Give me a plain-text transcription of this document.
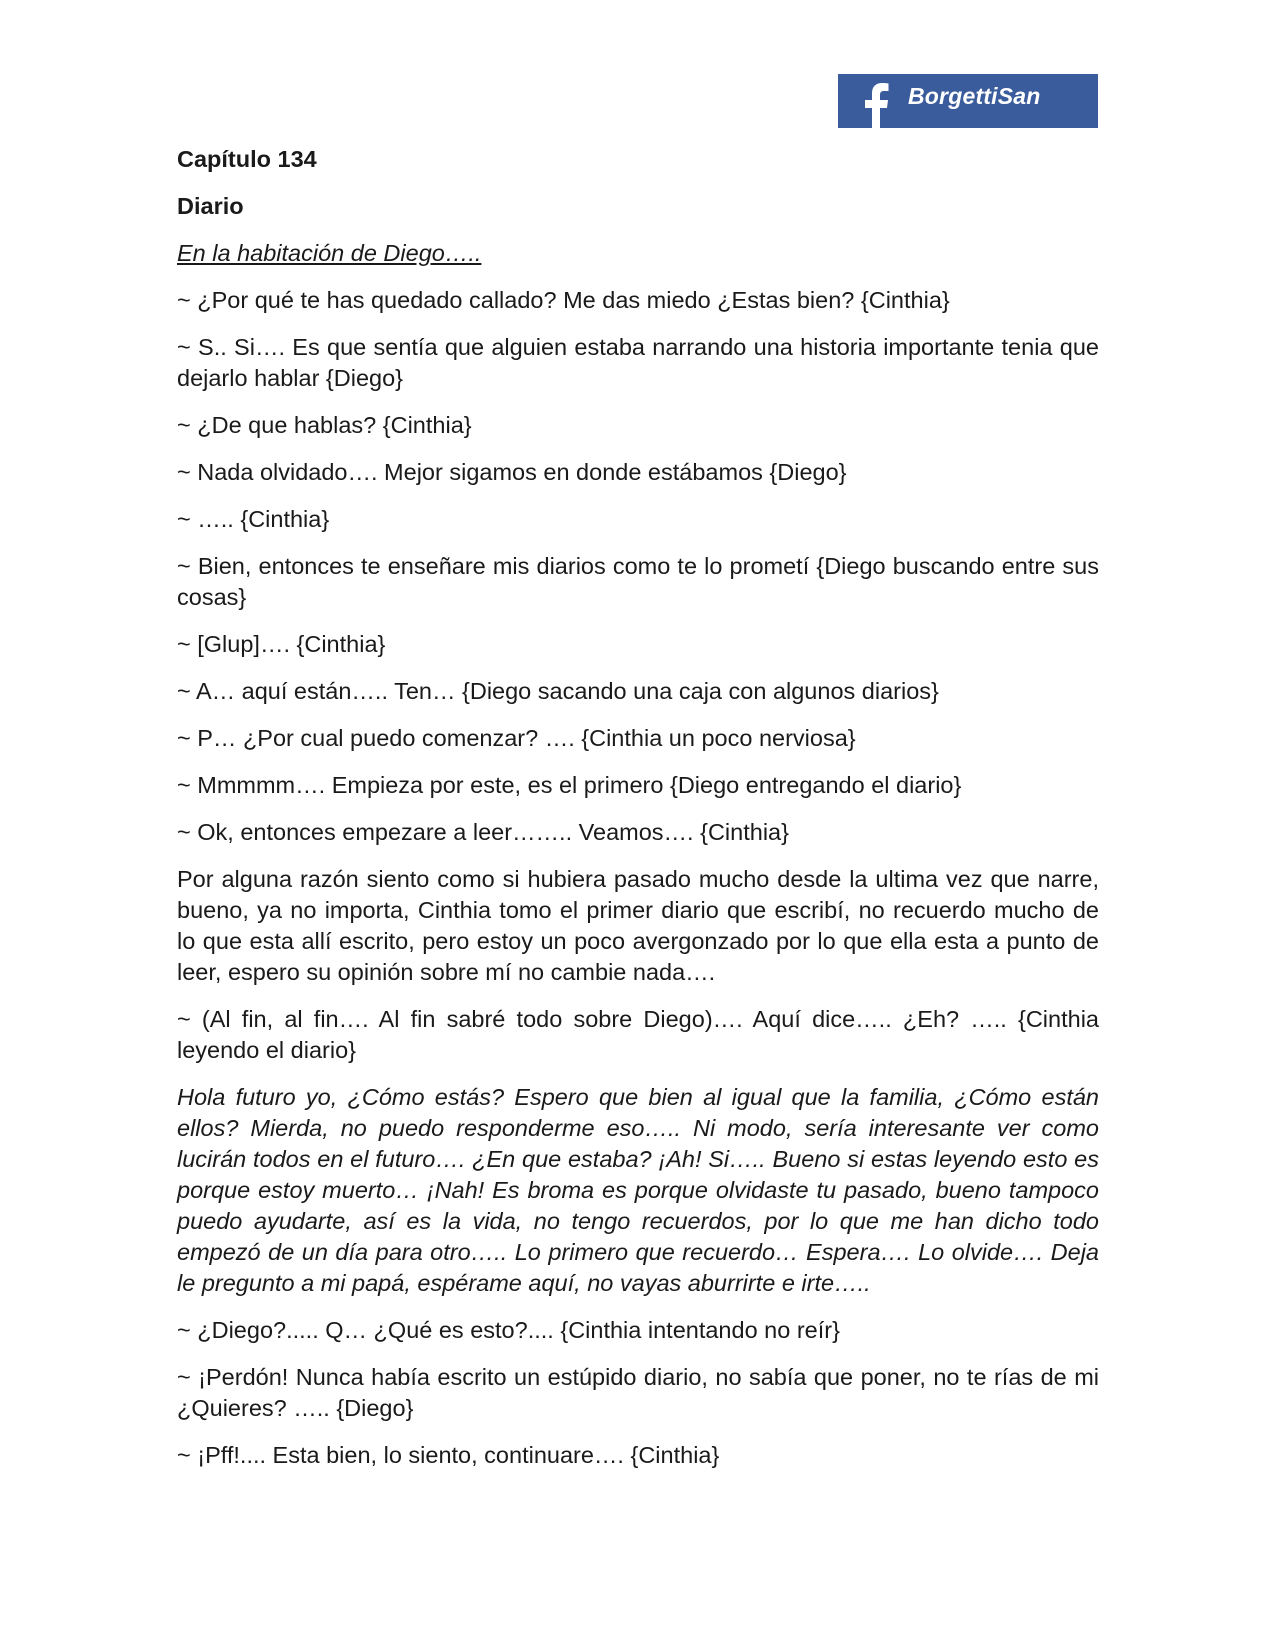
BorgettiSan

Capítulo 134

Diario

En la habitación de Diego…..

~ ¿Por qué te has quedado callado? Me das miedo ¿Estas bien? {Cinthia}

~ S.. Si…. Es que sentía que alguien estaba narrando una historia importante tenia que dejarlo hablar {Diego}

~ ¿De que hablas? {Cinthia}

~ Nada olvidado…. Mejor sigamos en donde estábamos {Diego}

~ ….. {Cinthia}

~ Bien, entonces te enseñare mis diarios como te lo prometí {Diego buscando entre sus cosas}

~ [Glup]…. {Cinthia}

~ A… aquí están….. Ten… {Diego sacando una caja con algunos diarios}

~ P… ¿Por cual puedo comenzar? …. {Cinthia un poco nerviosa}

~ Mmmmm…. Empieza por este, es el primero {Diego entregando el diario}

~ Ok, entonces empezare a leer…….. Veamos…. {Cinthia}

Por alguna razón siento como si hubiera pasado mucho desde la ultima vez que narre, bueno, ya no importa, Cinthia tomo el primer diario que escribí, no recuerdo mucho de lo que esta allí escrito, pero estoy un poco avergonzado por lo que ella esta a punto de leer, espero su opinión sobre mí no cambie nada….

~ (Al fin, al fin…. Al fin sabré todo sobre Diego)…. Aquí dice….. ¿Eh? ….. {Cinthia leyendo el diario}

Hola futuro yo, ¿Cómo estás? Espero que bien al igual que la familia, ¿Cómo están ellos? Mierda, no puedo responderme eso….. Ni modo, sería interesante ver como lucirán todos en el futuro…. ¿En que estaba? ¡Ah! Si….. Bueno si estas leyendo esto es porque estoy muerto… ¡Nah! Es broma es porque olvidaste tu pasado, bueno tampoco puedo ayudarte, así es la vida, no tengo recuerdos, por lo que me han dicho todo empezó de un día para otro….. Lo primero que recuerdo… Espera…. Lo olvide…. Deja le pregunto a mi papá, espérame aquí, no vayas aburrirte e irte…..

~ ¿Diego?..... Q… ¿Qué es esto?.... {Cinthia intentando no reír}

~ ¡Perdón! Nunca había escrito un estúpido diario, no sabía que poner, no te rías de mi ¿Quieres? ….. {Diego}

~ ¡Pff!.... Esta bien, lo siento, continuare…. {Cinthia}
